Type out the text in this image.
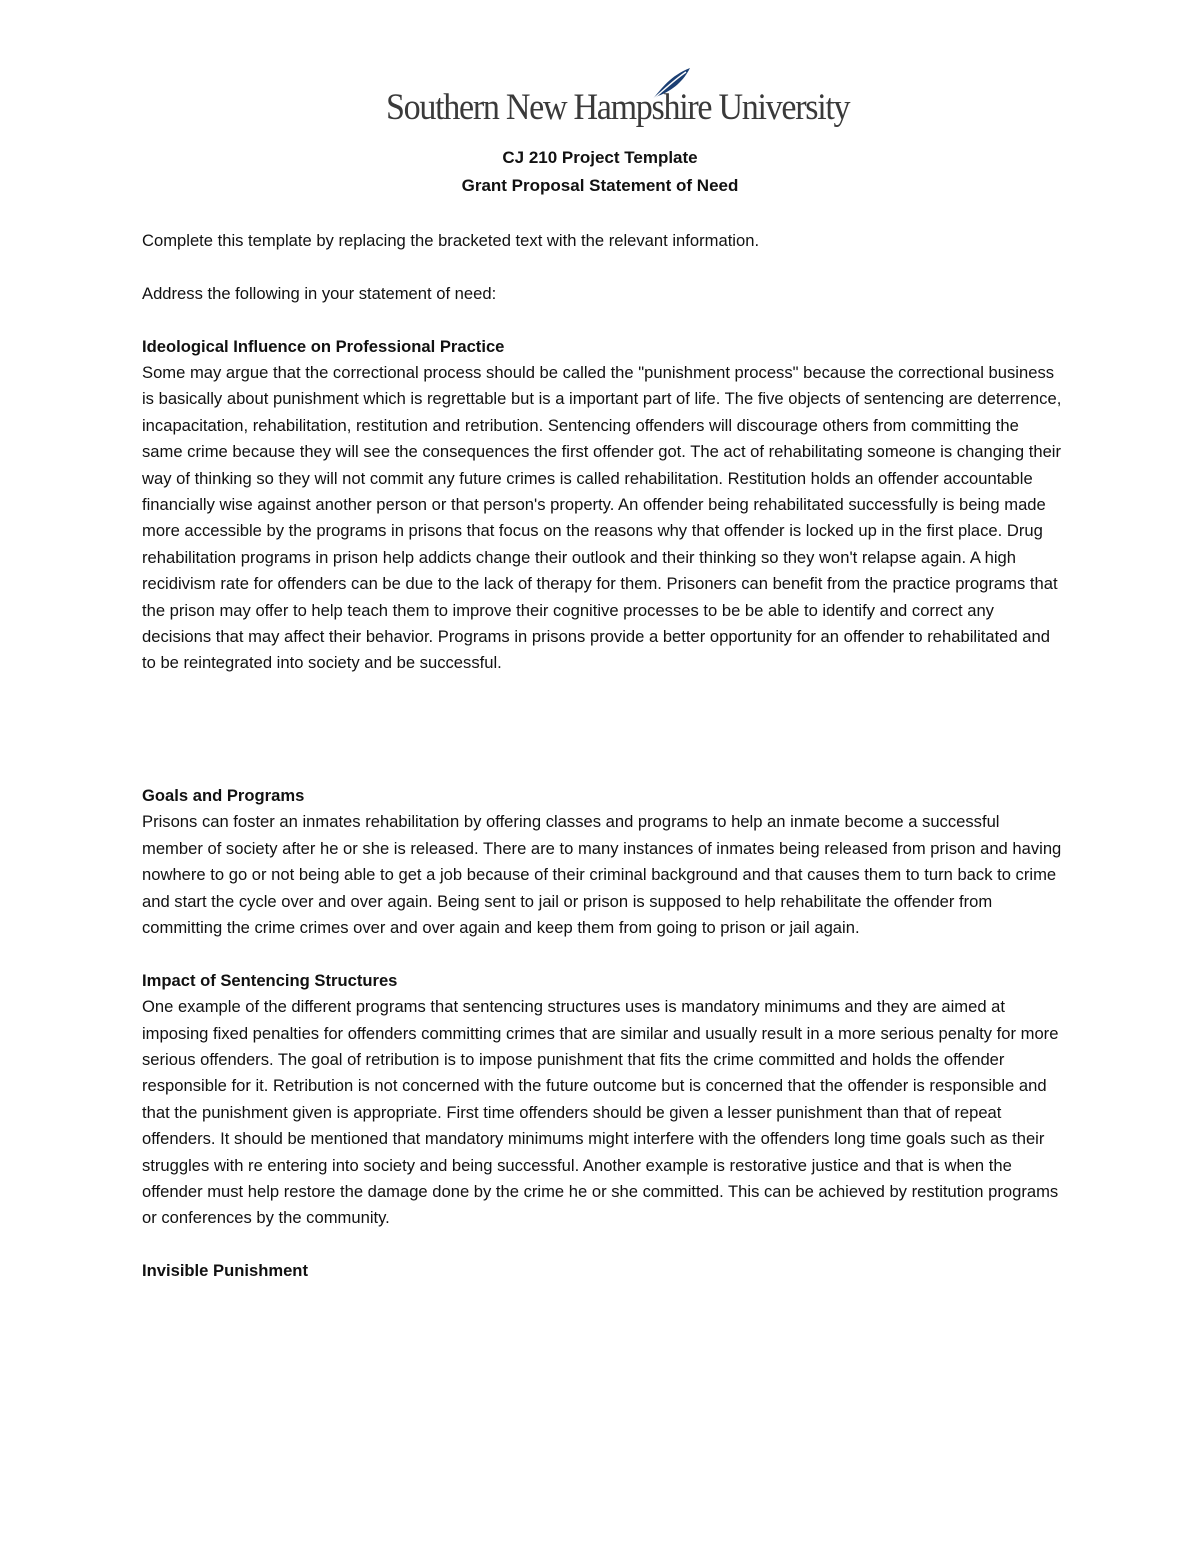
Southern New Hampshire University
CJ 210 Project Template
Grant Proposal Statement of Need

Complete this template by replacing the bracketed text with the relevant information.

Address the following in your statement of need:

Ideological Influence on Professional Practice

Some may argue that the correctional process should be called the "punishment process" because the correctional business is basically about punishment which is regrettable but is a important part of life. The five objects of sentencing are deterrence, incapacitation, rehabilitation, restitution and retribution. Sentencing offenders will discourage others from committing the same crime because they will see the consequences the first offender got. The act of rehabilitating someone is changing their way of thinking so they will not commit any future crimes is called rehabilitation. Restitution holds an offender accountable financially wise against another person or that person's property. An offender being rehabilitated successfully is being made more accessible by the programs in prisons that focus on the reasons why that offender is locked up in the first place. Drug rehabilitation programs in prison help addicts change their outlook and their thinking so they won't relapse again. A high recidivism rate for offenders can be due to the lack of therapy for them. Prisoners can benefit from the practice programs that the prison may offer to help teach them to improve their cognitive processes to be be able to identify and correct any decisions that may affect their behavior. Programs in prisons provide a better opportunity for an offender to rehabilitated and to be reintegrated into society and be successful.

Goals and Programs

Prisons can foster an inmates rehabilitation by offering classes and programs to help an inmate become a successful member of society after he or she is released. There are to many instances of inmates being released from prison and having nowhere to go or not being able to get a job because of their criminal background and that causes them to turn back to crime and start the cycle over and over again. Being sent to jail or prison is supposed to help rehabilitate the offender from committing the crime crimes over and over again and keep them from going to prison or jail again.

Impact of Sentencing Structures

One example of the different programs that sentencing structures uses is mandatory minimums and they are aimed at imposing fixed penalties for offenders committing crimes that are similar and usually result in a more serious penalty for more serious offenders. The goal of retribution is to impose punishment that fits the crime committed and holds the offender responsible for it. Retribution is not concerned with the future outcome but is concerned that the offender is responsible and that the punishment given is appropriate. First time offenders should be given a lesser punishment than that of repeat offenders. It should be mentioned that mandatory minimums might interfere with the offenders long time goals such as their struggles with re entering into society and being successful. Another example is restorative justice and that is when the offender must help restore the damage done by the crime he or she committed. This can be achieved by restitution programs or conferences by the community.

Invisible Punishment
